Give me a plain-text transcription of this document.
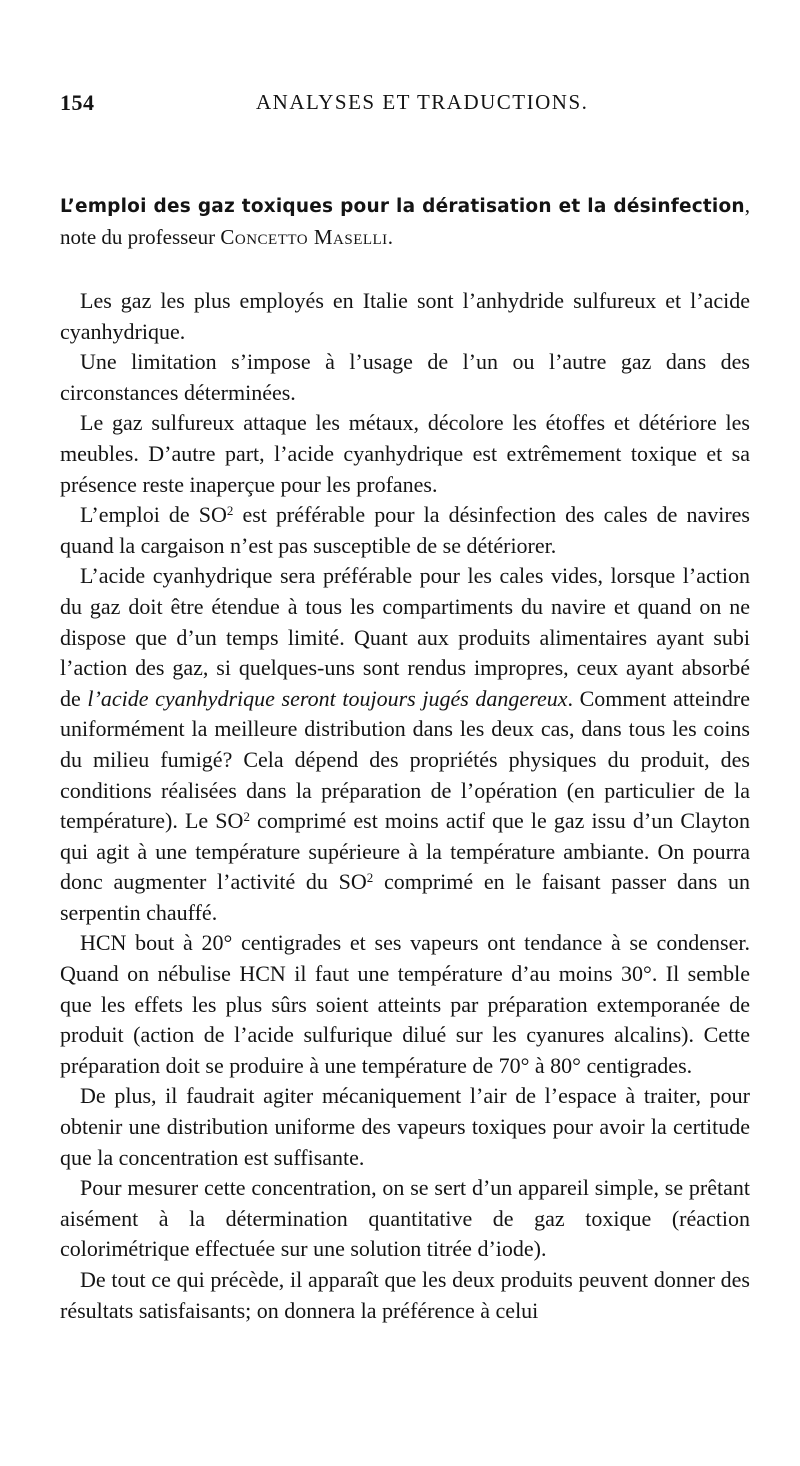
154	ANALYSES ET TRADUCTIONS.
L’emploi des gaz toxiques pour la dératisation et la désinfection, note du professeur Concetto Maselli.

Les gaz les plus employés en Italie sont l’anhydride sulfureux et l’acide cyanhydrique.

Une limitation s’impose à l’usage de l’un ou l’autre gaz dans des circonstances déterminées.

Le gaz sulfureux attaque les métaux, décolore les étoffes et détériore les meubles. D’autre part, l’acide cyanhydrique est extrêmement toxique et sa présence reste inaperçue pour les profanes.

L’emploi de $SO^2$ est préférable pour la désinfection des cales de navires quand la cargaison n’est pas susceptible de se détériorer.

L’acide cyanhydrique sera préférable pour les cales vides, lorsque l’action du gaz doit être étendue à tous les compartiments du navire et quand on ne dispose que d’un temps limité. Quant aux produits alimentaires ayant subi l’action des gaz, si quelques-uns sont rendus impropres, ceux ayant absorbé de l’acide cyanhydrique seront toujours jugés dangereux. Comment atteindre uniformément la meilleure distribution dans les deux cas, dans tous les coins du milieu fumigé? Cela dépend des propriétés physiques du produit, des conditions réalisées dans la préparation de l’opération (en particulier de la température). Le $SO^2$ comprimé est moins actif que le gaz issu d’un Clayton qui agit à une température supérieure à la température ambiante. On pourra donc augmenter l’activité du $SO^2$ comprimé en le faisant passer dans un serpentin chauffé.

HCN bout à 20° centigrades et ses vapeurs ont tendance à se condenser. Quand on nébulise HCN il faut une température d’au moins 30°. Il semble que les effets les plus sûrs soient atteints par préparation extemporanée de produit (action de l’acide sulfurique dilué sur les cyanures alcalins). Cette préparation doit se produire à une température de 70° à 80° centigrades.

De plus, il faudrait agiter mécaniquement l’air de l’espace à traiter, pour obtenir une distribution uniforme des vapeurs toxiques pour avoir la certitude que la concentration est suffisante.

Pour mesurer cette concentration, on se sert d’un appareil simple, se prêtant aisément à la détermination quantitative de gaz toxique (réaction colorimétrique effectuée sur une solution titrée d’iode).

De tout ce qui précède, il apparaît que les deux produits peuvent donner des résultats satisfaisants; on donnera la préférence à celui
